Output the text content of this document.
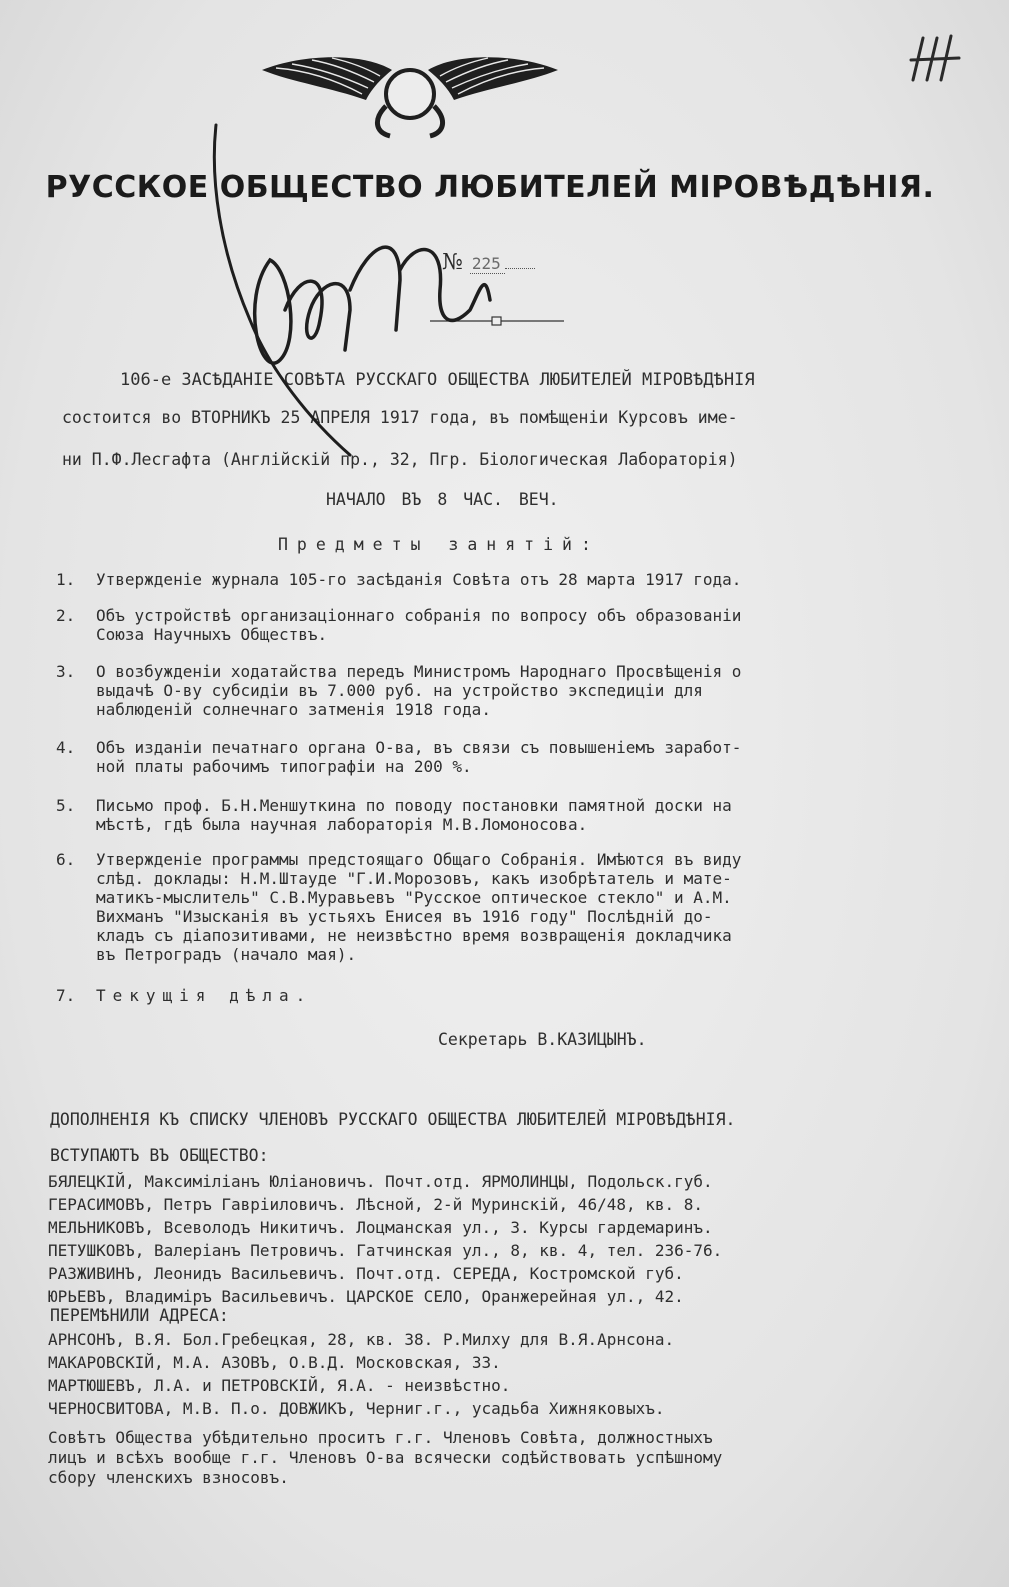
РУССКОЕ ОБЩЕСТВО ЛЮБИТЕЛЕЙ МІРОВѢДѢНІЯ.
№ 225
106-е ЗАСѢДАНІЕ СОВѢТА РУССКАГО ОБЩЕСТВА ЛЮБИТЕЛЕЙ МІРОВѢДѢНІЯ
состоится во ВТОРНИКЪ 25 АПРЕЛЯ 1917 года, въ помѣщеніи Курсовъ име-
ни П.Ф.Лесгафта (Англійскій пр., 32, Пгр. Біологическая Лабораторія)
НАЧАЛО ВЪ 8 ЧАС. ВЕЧ.
Предметы занятій:
1. Утвержденіе журнала 105-го засѣданія Совѣта отъ 28 марта 1917 года.
2. Объ устройствѣ организаціоннаго собранія по вопросу объ образованіи
Союза Научныхъ Обществъ.
3. О возбужденіи ходатайства передъ Министромъ Народнаго Просвѣщенія о
выдачѣ О-ву субсидіи въ 7.000 руб. на устройство экспедиціи для
наблюденій солнечнаго затменія 1918 года.
4. Объ изданіи печатнаго органа О-ва, въ связи съ повышеніемъ заработ-
ной платы рабочимъ типографіи на 200 %.
5. Письмо проф. Б.Н.Меншуткина по поводу постановки памятной доски на
мѣстѣ, гдѣ была научная лабораторія М.В.Ломоносова.
6. Утвержденіе программы предстоящаго Общаго Собранія. Имѣются въ виду
слѣд. доклады: Н.М.Штауде "Г.И.Морозовъ, какъ изобрѣтатель и мате-
матикъ-мыслитель" С.В.Муравьевъ "Русское оптическое стекло" и А.М.
Вихманъ "Изысканія въ устьяхъ Енисея въ 1916 году" Послѣдній до-
кладъ съ діапозитивами, не неизвѣстно время возвращенія докладчика
въ Петроградъ (начало мая).
7. Текущія дѣла.
Секретарь В.КАЗИЦЫНЪ.
ДОПОЛНЕНІЯ КЪ СПИСКУ ЧЛЕНОВЪ РУССКАГО ОБЩЕСТВА ЛЮБИТЕЛЕЙ МІРОВѢДѢНІЯ.
ВСТУПАЮТЪ ВЪ ОБЩЕСТВО:
БЯЛЕЦКІЙ, Максиміліанъ Юліановичъ. Почт.отд. ЯРМОЛИНЦЫ, Подольск.губ.
ГЕРАСИМОВЪ, Петръ Гавріиловичъ. Лѣсной, 2-й Муринскій, 46/48, кв. 8.
МЕЛЬНИКОВЪ, Всеволодъ Никитичъ. Лоцманская ул., 3. Курсы гардемаринъ.
ПЕТУШКОВЪ, Валеріанъ Петровичъ. Гатчинская ул., 8, кв. 4, тел. 236-76.
РАЗЖИВИНЪ, Леонидъ Васильевичъ. Почт.отд. СЕРЕДА, Костромской губ.
ЮРЬЕВЪ, Владиміръ Васильевичъ. ЦАРСКОЕ СЕЛО, Оранжерейная ул., 42.
ПЕРЕМѢНИЛИ АДРЕСА:
АРНСОНЪ, В.Я. Бол.Гребецкая, 28, кв. 38. Р.Милху для В.Я.Арнсона.
МАКАРОВСКІЙ, М.А. АЗОВЪ, О.В.Д. Московская, 33.
МАРТЮШЕВЪ, Л.А. и ПЕТРОВСКІЙ, Я.А. - неизвѣстно.
ЧЕРНОСВИТОВА, М.В. П.о. ДОВЖИКЪ, Черниг.г., усадьба Хижняковыхъ.
Совѣтъ Общества убѣдительно проситъ г.г. Членовъ Совѣта, должностныхъ
лицъ и всѣхъ вообще г.г. Членовъ О-ва всячески содѣйствовать успѣшному
сбору членскихъ взносовъ.
